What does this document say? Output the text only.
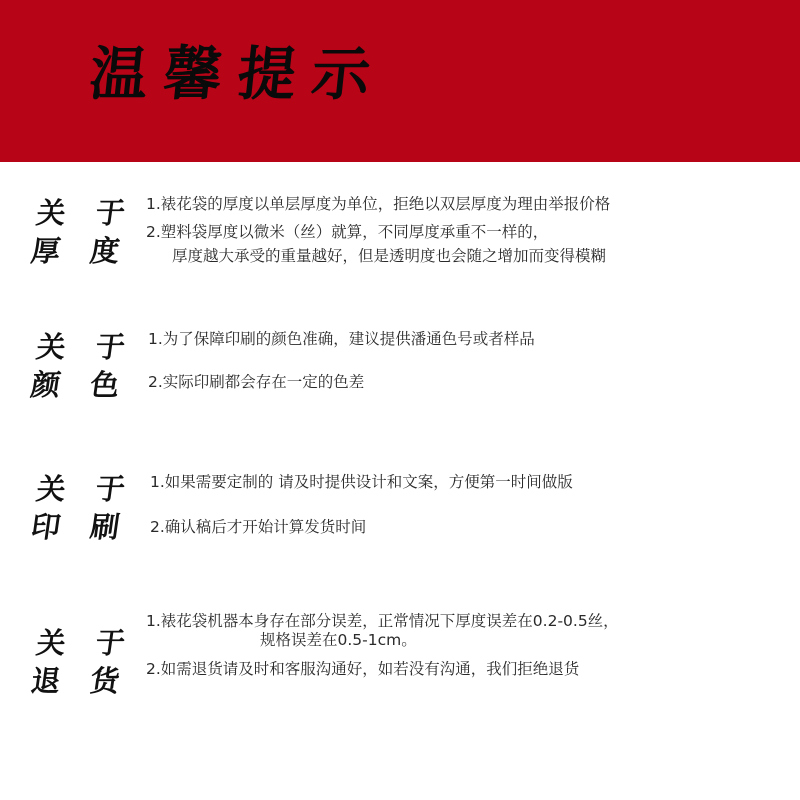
温馨提示
关 于
厚 度
1.裱花袋的厚度以单层厚度为单位，拒绝以双层厚度为理由举报价格
2.塑料袋厚度以微米（丝）就算，不同厚度承重不一样的，
厚度越大承受的重量越好，但是透明度也会随之增加而变得模糊
关 于
颜 色
1.为了保障印刷的颜色准确，建议提供潘通色号或者样品
2.实际印刷都会存在一定的色差
关 于
印 刷
1.如果需要定制的 请及时提供设计和文案，方便第一时间做版
2.确认稿后才开始计算发货时间
关 于
退 货
1.裱花袋机器本身存在部分误差，正常情况下厚度误差在0.2-0.5丝，
规格误差在0.5-1cm。
2.如需退货请及时和客服沟通好，如若没有沟通，我们拒绝退货
